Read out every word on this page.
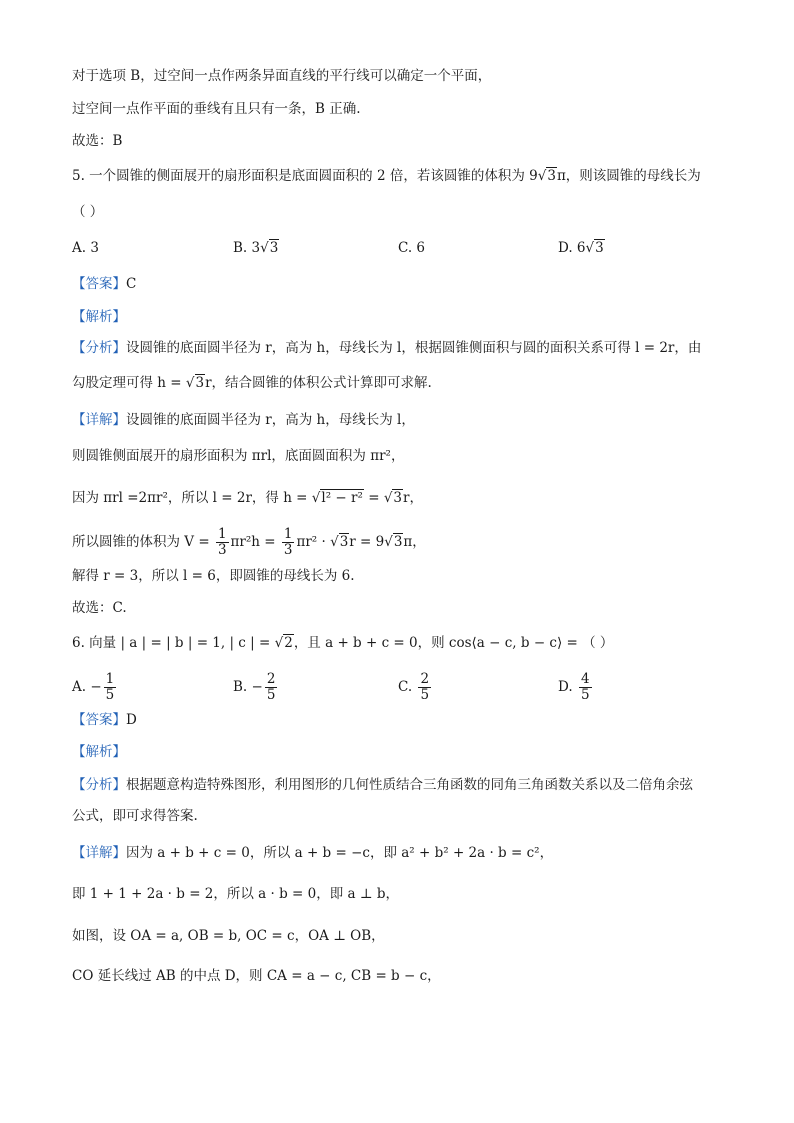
对于选项 B，过空间一点作两条异面直线的平行线可以确定一个平面，
过空间一点作平面的垂线有且只有一条，B 正确.
故选：B
5. 一个圆锥的侧面展开的扇形面积是底面圆面积的 2 倍，若该圆锥的体积为 9√3π，则该圆锥的母线长为
（ ）
A. 3	B. 3√3	C. 6	D. 6√3
【答案】C
【解析】
【分析】设圆锥的底面圆半径为 r，高为 h，母线长为 l，根据圆锥侧面积与圆的面积关系可得 l = 2r，由
勾股定理可得 h = √3r，结合圆锥的体积公式计算即可求解.
【详解】设圆锥的底面圆半径为 r，高为 h，母线长为 l，
则圆锥侧面展开的扇形面积为 πrl，底面圆面积为 πr²，
因为 πrl =2πr²，所以 l = 2r，得 h = √l² − r² = √3r，
所以圆锥的体积为 $V = \frac{1}{3} \pi r^2h = \frac{1}{3} \pi r^2 \cdot √3r = 9√3\pi$，
解得 r = 3，所以 l = 6，即圆锥的母线长为 6.
故选：C.
6. 向量 | a | = | b | = 1, | c | = √2，且 a + b + c = 0，则 cos⟨a − c, b − c⟩ = （ ）
A. − $\frac{1}{5}$	B. − $\frac{2}{5}$	C. $\frac{2}{5}$	D. $\frac{4}{5}$
【答案】D
【解析】
【分析】根据题意构造特殊图形，利用图形的几何性质结合三角函数的同角三角函数关系以及二倍角余弦
公式，即可求得答案.
【详解】因为 a + b + c = 0，所以 a + b = −c，即 a² + b² + 2a · b = c²，
即 1 + 1 + 2a · b = 2，所以 a · b = 0，即 a ⊥ b，
如图，设 OA = a, OB = b, OC = c，OA ⊥ OB，
CO 延长线过 AB 的中点 D，则 CA = a − c, CB = b − c，
